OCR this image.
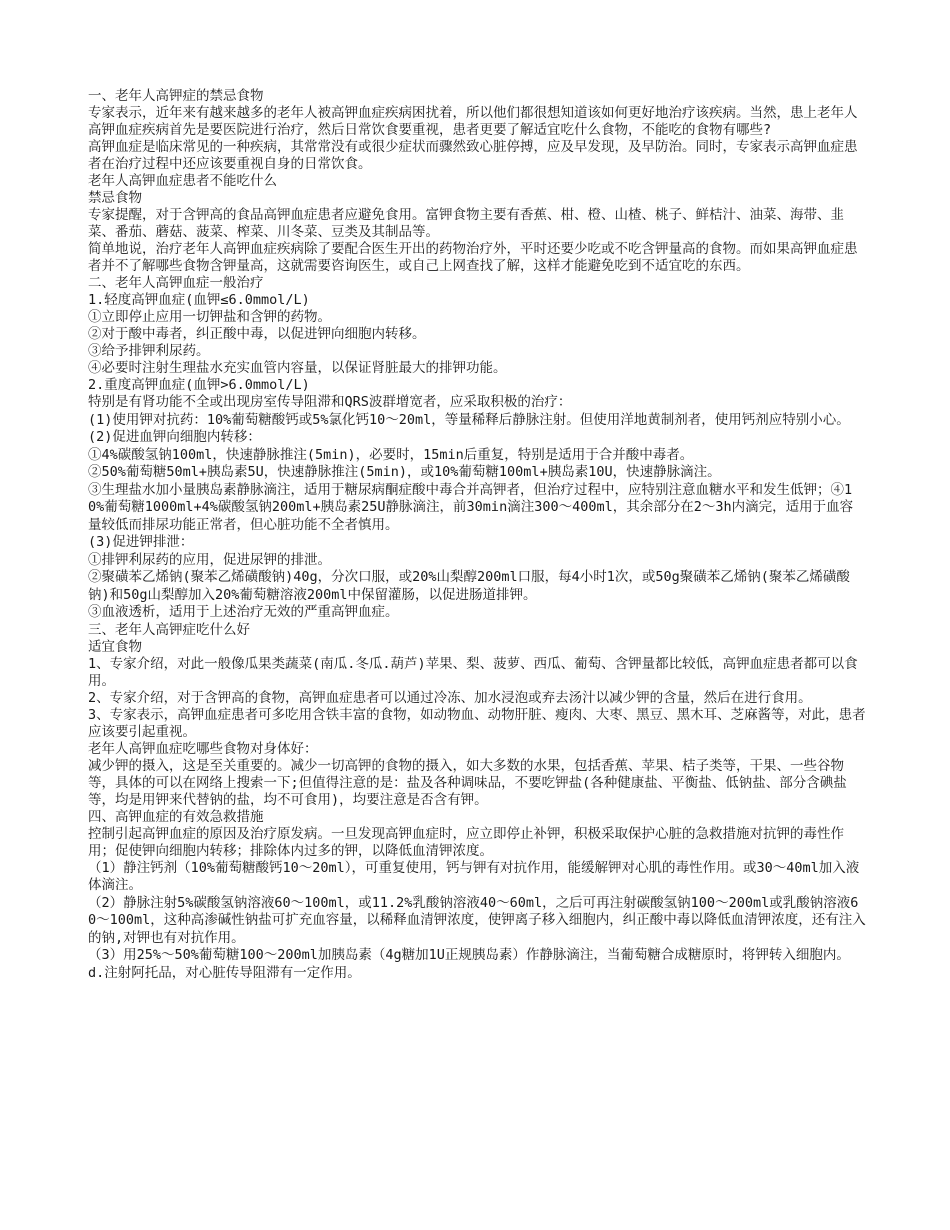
一、老年人高钾症的禁忌食物

专家表示，近年来有越来越多的老年人被高钾血症疾病困扰着，所以他们都很想知道该如何更好地治疗该疾病。当然，患上老年人高钾血症疾病首先是要医院进行治疗，然后日常饮食要重视，患者更要了解适宜吃什么食物，不能吃的食物有哪些?

高钾血症是临床常见的一种疾病，其常常没有或很少症状而骤然致心脏停搏，应及早发现，及早防治。同时，专家表示高钾血症患者在治疗过程中还应该要重视自身的日常饮食。

老年人高钾血症患者不能吃什么

禁忌食物

专家提醒，对于含钾高的食品高钾血症患者应避免食用。富钾食物主要有香蕉、柑、橙、山楂、桃子、鲜桔汁、油菜、海带、韭菜、番茄、蘑菇、菠菜、榨菜、川冬菜、豆类及其制品等。

简单地说，治疗老年人高钾血症疾病除了要配合医生开出的药物治疗外，平时还要少吃或不吃含钾量高的食物。而如果高钾血症患者并不了解哪些食物含钾量高，这就需要咨询医生，或自己上网查找了解，这样才能避免吃到不适宜吃的东西。

二、老年人高钾血症一般治疗

1.轻度高钾血症(血钾≤6.0mmol/L)

①立即停止应用一切钾盐和含钾的药物。

②对于酸中毒者，纠正酸中毒，以促进钾向细胞内转移。

③给予排钾利尿药。

④必要时注射生理盐水充实血管内容量，以保证肾脏最大的排钾功能。

2.重度高钾血症(血钾>6.0mmol/L)

特别是有肾功能不全或出现房室传导阻滞和QRS波群增宽者，应采取积极的治疗：

(1)使用钾对抗药：10%葡萄糖酸钙或5%氯化钙10～20ml，等量稀释后静脉注射。但使用洋地黄制剂者，使用钙剂应特别小心。

(2)促进血钾向细胞内转移：

①4%碳酸氢钠100ml，快速静脉推注(5min)，必要时，15min后重复，特别是适用于合并酸中毒者。

②50%葡萄糖50ml+胰岛素5U，快速静脉推注(5min)，或10%葡萄糖100ml+胰岛素10U，快速静脉滴注。

③生理盐水加小量胰岛素静脉滴注，适用于糖尿病酮症酸中毒合并高钾者，但治疗过程中，应特别注意血糖水平和发生低钾；④10%葡萄糖1000ml+4%碳酸氢钠200ml+胰岛素25U静脉滴注，前30min滴注300～400ml，其余部分在2～3h内滴完，适用于血容量较低而排尿功能正常者，但心脏功能不全者慎用。

(3)促进钾排泄：

①排钾利尿药的应用，促进尿钾的排泄。

②聚磺苯乙烯钠(聚苯乙烯磺酸钠)40g，分次口服，或20%山梨醇200ml口服，每4小时1次，或50g聚磺苯乙烯钠(聚苯乙烯磺酸钠)和50g山梨醇加入20%葡萄糖溶液200ml中保留灌肠，以促进肠道排钾。

③血液透析，适用于上述治疗无效的严重高钾血症。

三、老年人高钾症吃什么好

适宜食物

1、专家介绍，对此一般像瓜果类蔬菜(南瓜.冬瓜.葫芦)苹果、梨、菠萝、西瓜、葡萄、含钾量都比较低，高钾血症患者都可以食用。

2、专家介绍，对于含钾高的食物，高钾血症患者可以通过冷冻、加水浸泡或弃去汤汁以减少钾的含量，然后在进行食用。

3、专家表示，高钾血症患者可多吃用含铁丰富的食物，如动物血、动物肝脏、瘦肉、大枣、黑豆、黑木耳、芝麻酱等，对此，患者应该要引起重视。

老年人高钾血症吃哪些食物对身体好：

减少钾的摄入，这是至关重要的。减少一切高钾的食物的摄入，如大多数的水果，包括香蕉、苹果、桔子类等，干果、一些谷物等，具体的可以在网络上搜索一下;但值得注意的是：盐及各种调味品，不要吃钾盐(各种健康盐、平衡盐、低钠盐、部分含碘盐等，均是用钾来代替钠的盐，均不可食用)，均要注意是否含有钾。

四、高钾血症的有效急救措施

控制引起高钾血症的原因及治疗原发病。一旦发现高钾血症时，应立即停止补钾，积极采取保护心脏的急救措施对抗钾的毒性作用；促使钾向细胞内转移；排除体内过多的钾，以降低血清钾浓度。

（1）静注钙剂（10%葡萄糖酸钙10～20ml），可重复使用，钙与钾有对抗作用，能缓解钾对心肌的毒性作用。或30～40ml加入液体滴注。

（2）静脉注射5%碳酸氢钠溶液60～100ml，或11.2%乳酸钠溶液40～60ml，之后可再注射碳酸氢钠100～200ml或乳酸钠溶液60～100ml，这种高渗碱性钠盐可扩充血容量，以稀释血清钾浓度，使钾离子移入细胞内，纠正酸中毒以降低血清钾浓度，还有注入的钠,对钾也有对抗作用。

（3）用25%～50%葡萄糖100～200ml加胰岛素（4g糖加1U正规胰岛素）作静脉滴注，当葡萄糖合成糖原时，将钾转入细胞内。d.注射阿托品，对心脏传导阻滞有一定作用。
